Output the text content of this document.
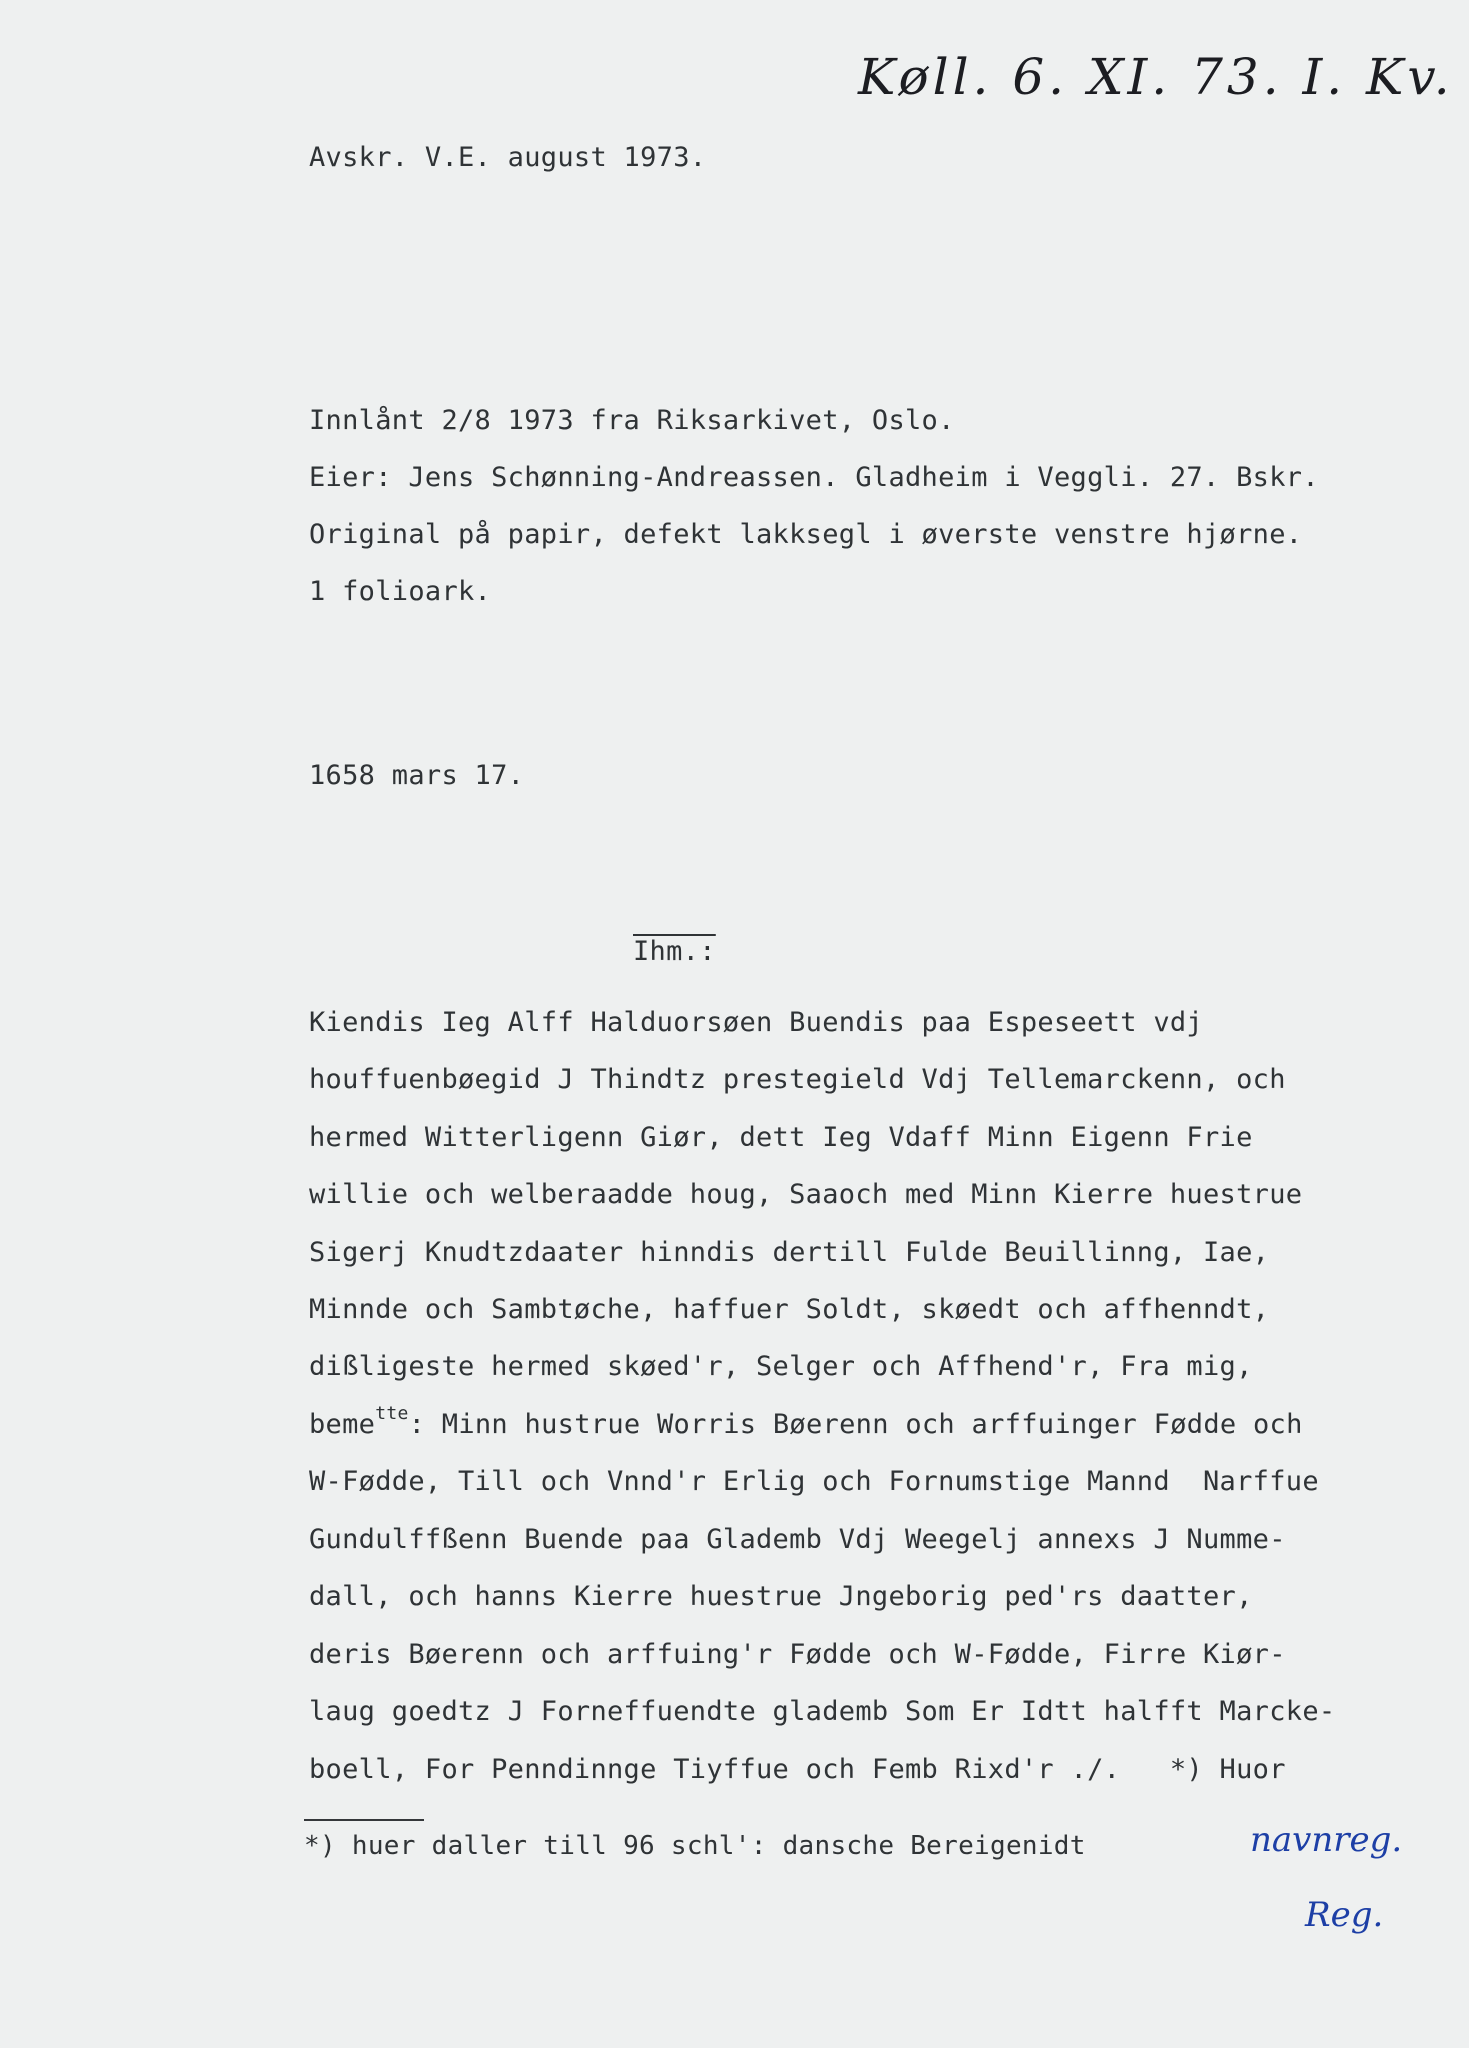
Køll. 6. XI. 73. I. Kv.
Avskr. V.E. august 1973.
Innlånt 2/8 1973 fra Riksarkivet, Oslo.
Eier: Jens Schønning-Andreassen. Gladheim i Veggli. 27. Bskr.
Original på papir, defekt lakksegl i øverste venstre hjørne.
1 folioark.
1658 mars 17.
Ihm.:
Kiendis Ieg Alff Halduorsøen Buendis paa Espeseett vdj
houffuenbøegid J Thindtz prestegield Vdj Tellemarckenn, och
hermed Witterligenn Giør, dett Ieg Vdaff Minn Eigenn Frie
willie och welberaadde houg, Saaoch med Minn Kierre huestrue
Sigerj Knudtzdaater hinndis dertill Fulde Beuillinng, Iae,
Minnde och Sambtøche, haffuer Soldt, skøedt och affhenndt,
dißligeste hermed skøed'r, Selger och Affhend'r, Fra mig,
beme$^{tte}$: Minn hustrue Worris Bøerenn och arffuinger Fødde och
W-Fødde, Till och Vnnd'r Erlig och Fornumstige Mannd  Narffue
Gundulffßenn Buende paa Glademb Vdj Weegelj annexs J Numme-
dall, och hanns Kierre huestrue Jngeborig ped'rs daatter,
deris Bøerenn och arffuing'r Fødde och W-Fødde, Firre Kiør-
laug goedtz J Forneffuendte glademb Som Er Idtt halfft Marcke-
boell, For Penndinnge Tiyffue och Femb Rixd'r ./.   *) Huor
*) huer daller till 96 schl': dansche Bereigenidt	navnreg.
Reg.
